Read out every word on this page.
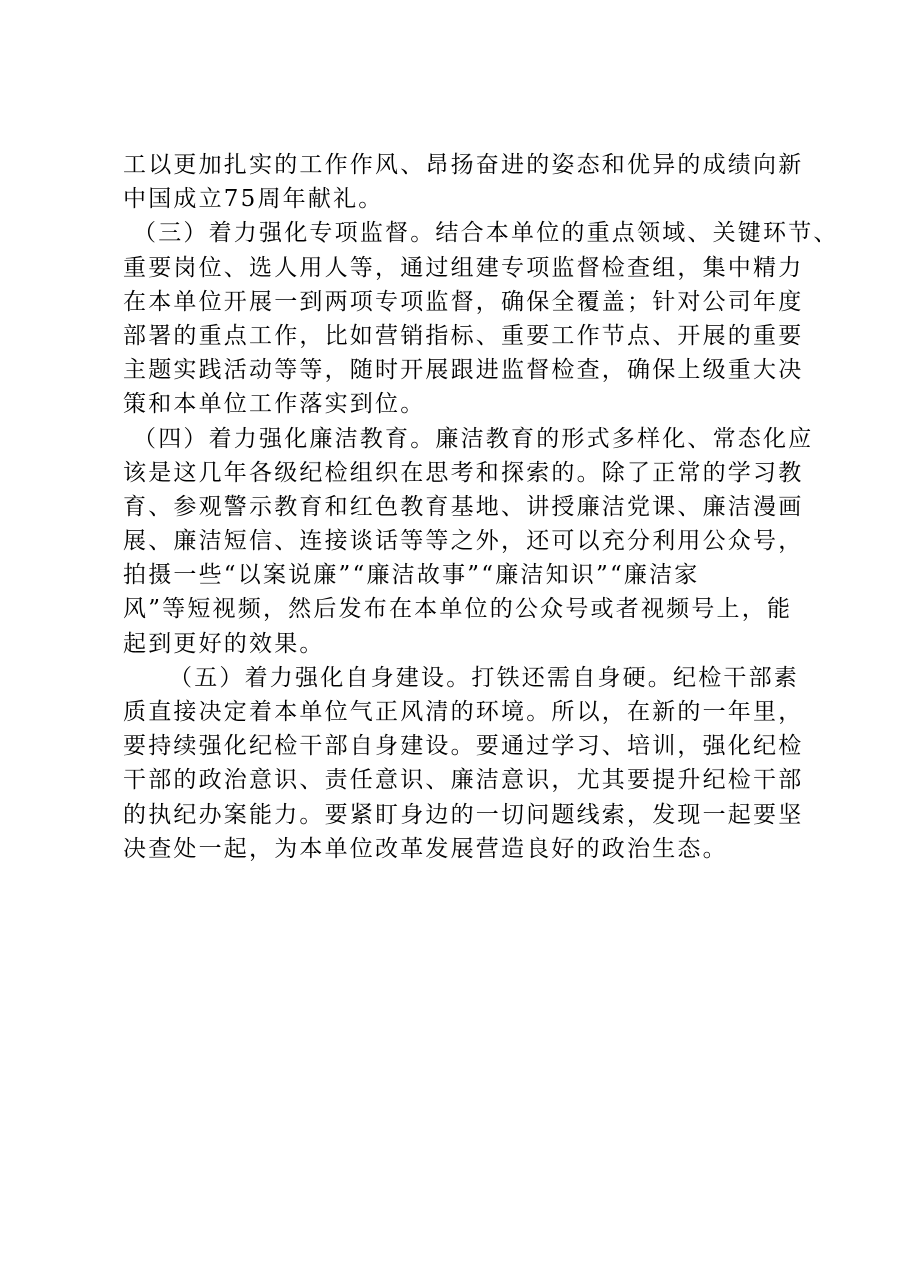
工以更加扎实的工作作风、昂扬奋进的姿态和优异的成绩向新
中国成立75周年献礼。
（三）着力强化专项监督。结合本单位的重点领域、关键环节、
重要岗位、选人用人等，通过组建专项监督检查组，集中精力
在本单位开展一到两项专项监督，确保全覆盖；针对公司年度
部署的重点工作，比如营销指标、重要工作节点、开展的重要
主题实践活动等等，随时开展跟进监督检查，确保上级重大决
策和本单位工作落实到位。
（四）着力强化廉洁教育。廉洁教育的形式多样化、常态化应
该是这几年各级纪检组织在思考和探索的。除了正常的学习教
育、参观警示教育和红色教育基地、讲授廉洁党课、廉洁漫画
展、廉洁短信、连接谈话等等之外，还可以充分利用公众号，
拍摄一些“以案说廉”“廉洁故事”“廉洁知识”“廉洁家
风”等短视频，然后发布在本单位的公众号或者视频号上，能
起到更好的效果。
（五）着力强化自身建设。打铁还需自身硬。纪检干部素
质直接决定着本单位气正风清的环境。所以，在新的一年里，
要持续强化纪检干部自身建设。要通过学习、培训，强化纪检
干部的政治意识、责任意识、廉洁意识，尤其要提升纪检干部
的执纪办案能力。要紧盯身边的一切问题线索，发现一起要坚
决查处一起，为本单位改革发展营造良好的政治生态。
